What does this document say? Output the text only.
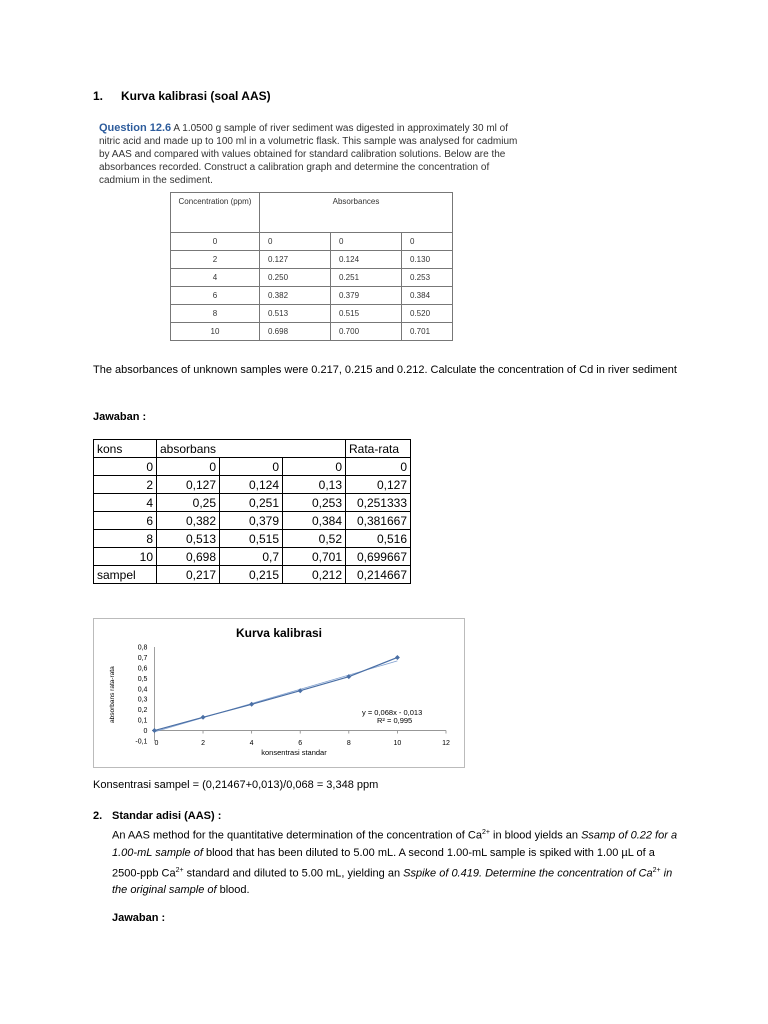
1. Kurva kalibrasi (soal AAS)
Question 12.6 A 1.0500 g sample of river sediment was digested in approximately 30 ml of nitric acid and made up to 100 ml in a volumetric flask. This sample was analysed for cadmium by AAS and compared with values obtained for standard calibration solutions. Below are the absorbances recorded. Construct a calibration graph and determine the concentration of cadmium in the sediment.
Concentration (ppm)	Absorbances		
0	0	0	0
2	0.127	0.124	0.130
4	0.250	0.251	0.253
6	0.382	0.379	0.384
8	0.513	0.515	0.520
10	0.698	0.700	0.701
The absorbances of unknown samples were 0.217, 0.215 and 0.212. Calculate the concentration of Cd in river sediment
Jawaban :
kons	absorbans			Rata-rata
0	0	0	0	0
2	0,127	0,124	0,13	0,127
4	0,25	0,251	0,253	0,251333
6	0,382	0,379	0,384	0,381667
8	0,513	0,515	0,52	0,516
10	0,698	0,7	0,701	0,699667
sampel	0,217	0,215	0,212	0,214667
Kurva kalibrasi
absorbans rata-rata
konsentrasi standar
y = 0,068x - 0,013
R² = 0,995
-0,1
0
0,1
0,2
0,3
0,4
0,5
0,6
0,7
0,8
0	2	4	6	8	10	12
Konsentrasi sampel = (0,21467+0,013)/0,068 = 3,348 ppm
2. Standar adisi (AAS) :
An AAS method for the quantitative determination of the concentration of $Ca^{2+}$ in blood yields an Ssamp of 0.22 for a 1.00-mL sample of blood that has been diluted to 5.00 mL. A second 1.00-mL sample is spiked with 1.00 µL of a 2500-ppb $Ca^{2+}$ standard and diluted to 5.00 mL, yielding an Sspike of 0.419. Determine the concentration of $Ca^{2+}$ in the original sample of blood.
Jawaban :
